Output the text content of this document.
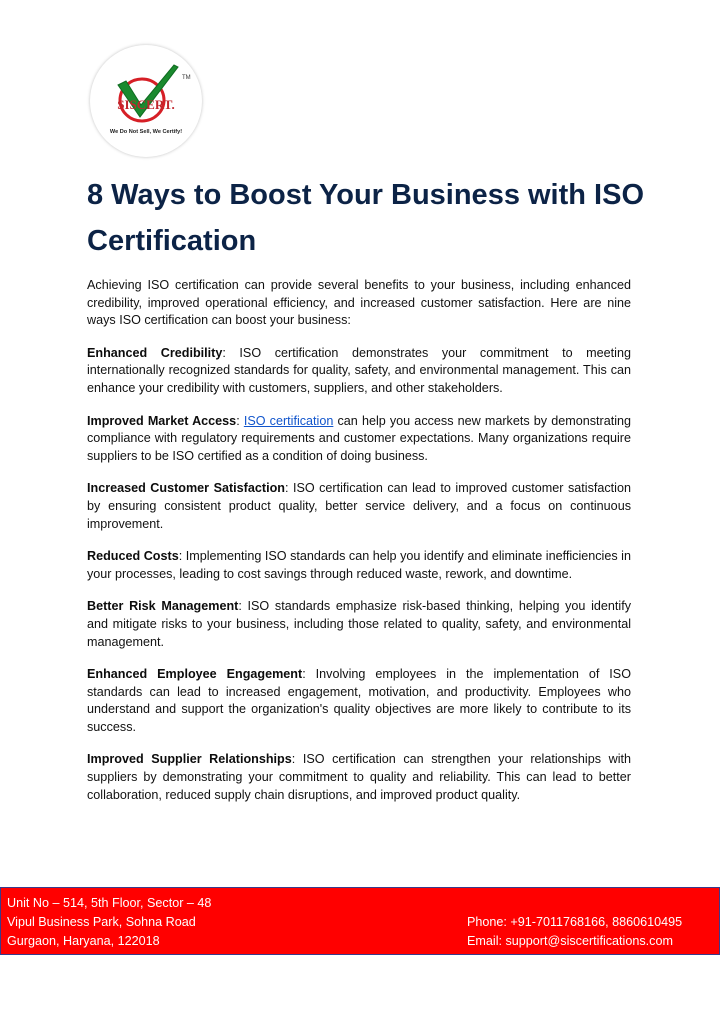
TM
SISCERT.
We Do Not Sell, We Certify!
8 Ways to Boost Your Business with ISO Certification

Achieving ISO certification can provide several benefits to your business, including enhanced credibility, improved operational efficiency, and increased customer satisfaction. Here are nine ways ISO certification can boost your business:

Enhanced Credibility: ISO certification demonstrates your commitment to meeting internationally recognized standards for quality, safety, and environmental management. This can enhance your credibility with customers, suppliers, and other stakeholders.

Improved Market Access: ISO certification can help you access new markets by demonstrating compliance with regulatory requirements and customer expectations. Many organizations require suppliers to be ISO certified as a condition of doing business.

Increased Customer Satisfaction: ISO certification can lead to improved customer satisfaction by ensuring consistent product quality, better service delivery, and a focus on continuous improvement.

Reduced Costs: Implementing ISO standards can help you identify and eliminate inefficiencies in your processes, leading to cost savings through reduced waste, rework, and downtime.

Better Risk Management: ISO standards emphasize risk-based thinking, helping you identify and mitigate risks to your business, including those related to quality, safety, and environmental management.

Enhanced Employee Engagement: Involving employees in the implementation of ISO standards can lead to increased engagement, motivation, and productivity. Employees who understand and support the organization's quality objectives are more likely to contribute to its success.

Improved Supplier Relationships: ISO certification can strengthen your relationships with suppliers by demonstrating your commitment to quality and reliability. This can lead to better collaboration, reduced supply chain disruptions, and improved product quality.

Unit No – 514, 5th Floor, Sector – 48
Vipul Business Park, Sohna Road
Gurgaon, Haryana, 122018
Phone: +91-7011768166, 8860610495
Email: support@siscertifications.com
